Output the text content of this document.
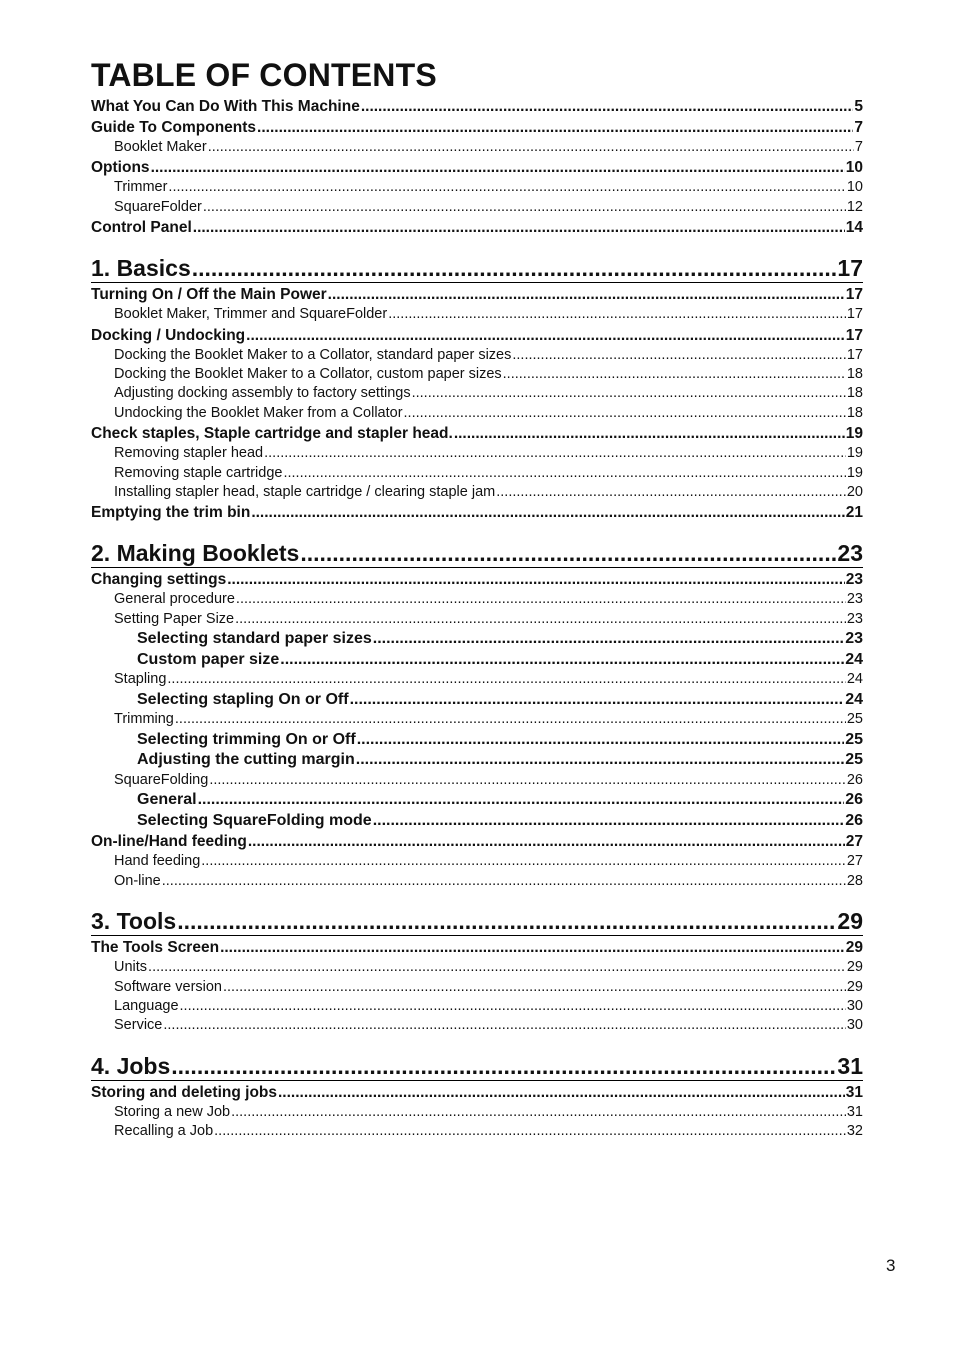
TABLE OF CONTENTS
What You Can Do With This Machine .....	5
Guide To Components .....	7
Booklet Maker .....	7
Options .....	10
Trimmer .....	10
SquareFolder .....	12
Control Panel .....	14
1. Basics .....	17
Turning On / Off the Main Power .....	17
Booklet Maker, Trimmer and SquareFolder .....	17
Docking / Undocking .....	17
Docking the Booklet Maker to a Collator, standard paper sizes .....	17
Docking the Booklet Maker to a Collator, custom paper sizes .....	18
Adjusting docking assembly to factory settings .....	18
Undocking the Booklet Maker from a Collator .....	18
Check staples, Staple cartridge and stapler head. .....	19
Removing stapler head .....	19
Removing staple cartridge .....	19
Installing stapler head, staple cartridge / clearing staple jam .....	20
Emptying the trim bin .....	21
2. Making Booklets .....	23
Changing settings .....	23
General procedure .....	23
Setting Paper Size .....	23
Selecting standard paper sizes .....	23
Custom paper size .....	24
Stapling .....	24
Selecting stapling On or Off .....	24
Trimming .....	25
Selecting trimming On or Off .....	25
Adjusting the cutting margin .....	25
SquareFolding .....	26
General .....	26
Selecting SquareFolding mode .....	26
On-line/Hand feeding .....	27
Hand feeding .....	27
On-line .....	28
3. Tools .....	29
The Tools Screen .....	29
Units .....	29
Software version .....	29
Language .....	30
Service .....	30
4. Jobs .....	31
Storing and deleting jobs .....	31
Storing a new Job .....	31
Recalling a Job .....	32
3
